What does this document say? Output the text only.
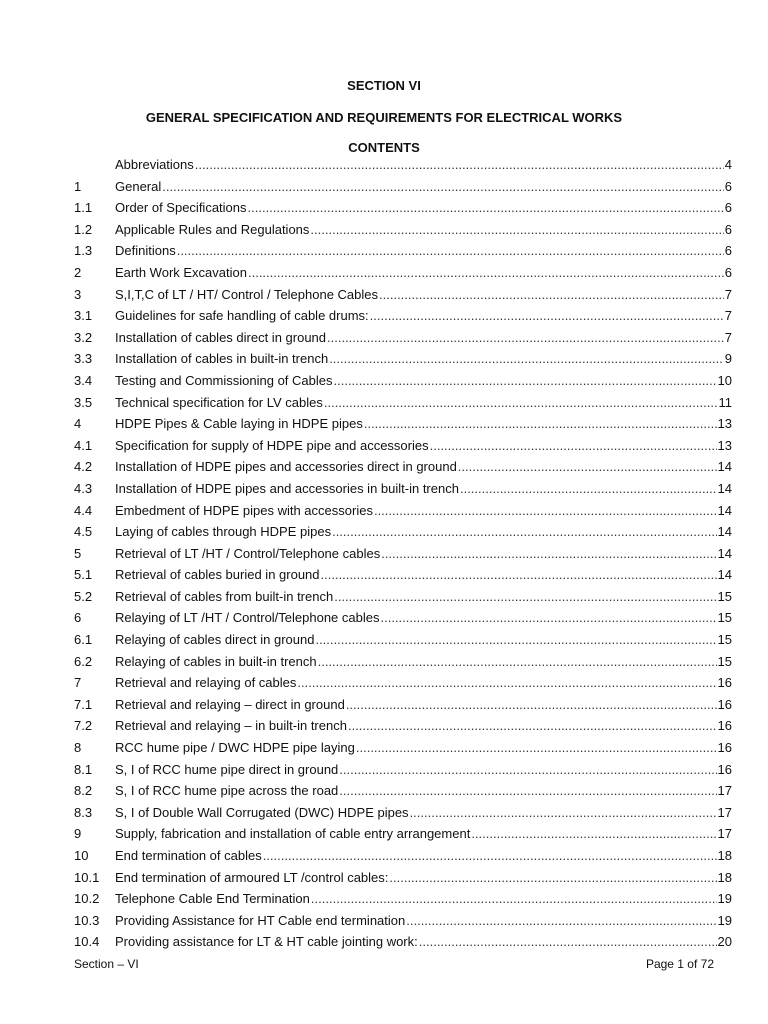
SECTION VI
GENERAL SPECIFICATION AND REQUIREMENTS FOR ELECTRICAL WORKS
CONTENTS
Abbreviations .....	4
1	General .....	6
1.1	Order of Specifications .....	6
1.2	Applicable Rules and Regulations .....	6
1.3	Definitions .....	6
2	Earth Work Excavation .....	6
3	S,I,T,C of LT / HT/ Control / Telephone Cables .....	7
3.1	Guidelines for safe handling of cable drums: .....	7
3.2	Installation of cables direct in ground .....	7
3.3	Installation of cables in built-in trench .....	9
3.4	Testing and Commissioning of Cables .....	10
3.5	Technical specification for LV cables .....	11
4	HDPE Pipes & Cable laying in HDPE pipes .....	13
4.1	Specification for supply of HDPE pipe and accessories .....	13
4.2	Installation of HDPE pipes and accessories direct in ground .....	14
4.3	Installation of HDPE pipes and accessories in built-in trench .....	14
4.4	Embedment of HDPE pipes with accessories .....	14
4.5	Laying of cables through HDPE pipes .....	14
5	Retrieval of LT /HT / Control/Telephone cables .....	14
5.1	Retrieval of cables buried in ground .....	14
5.2	Retrieval of cables from built-in trench .....	15
6	Relaying of LT /HT / Control/Telephone cables .....	15
6.1	Relaying of cables direct in ground .....	15
6.2	Relaying of cables in built-in trench .....	15
7	Retrieval and relaying of cables .....	16
7.1	Retrieval and relaying – direct in ground .....	16
7.2	Retrieval and relaying – in built-in trench .....	16
8	RCC hume pipe / DWC HDPE pipe laying .....	16
8.1	S, I of RCC hume pipe direct in ground .....	16
8.2	S, I of RCC hume pipe across the road .....	17
8.3	S, I of Double Wall Corrugated (DWC) HDPE pipes .....	17
9	Supply, fabrication and installation of cable entry arrangement .....	17
10	End termination of cables .....	18
10.1	End termination of armoured LT /control cables: .....	18
10.2	Telephone Cable End Termination .....	19
10.3	Providing Assistance for HT Cable end termination .....	19
10.4	Providing assistance for LT & HT cable jointing work: .....	20
Section – VI	Page 1 of 72
